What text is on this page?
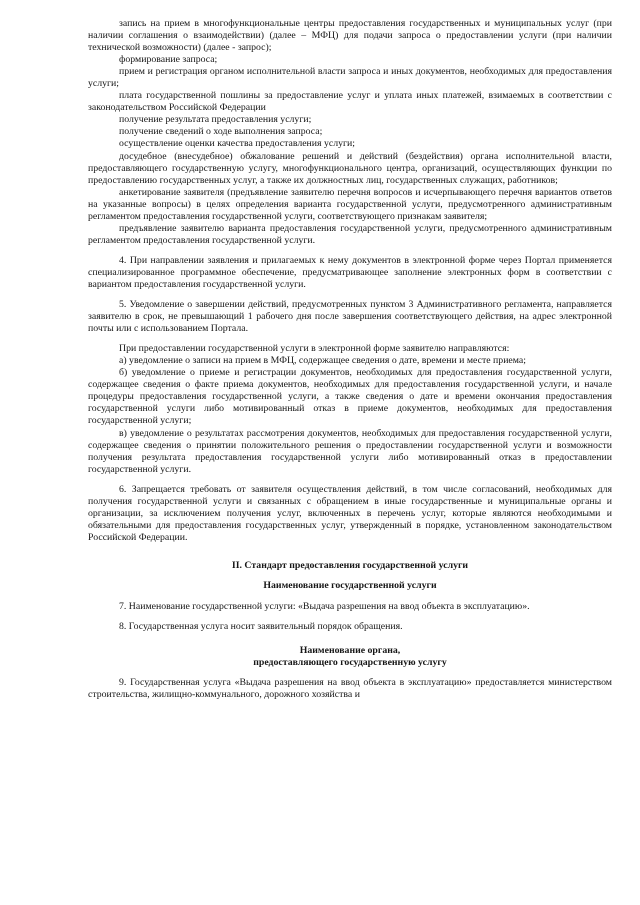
запись на прием в многофункциональные центры предоставления государственных и муниципальных услуг (при наличии соглашения о взаимодействии) (далее – МФЦ) для подачи запроса о предоставлении услуги (при наличии технической возможности) (далее - запрос);

формирование запроса;

прием и регистрация органом исполнительной власти запроса и иных документов, необходимых для предоставления услуги;

плата государственной пошлины за предоставление услуг и уплата иных платежей, взимаемых в соответствии с законодательством Российской Федерации

получение результата предоставления услуги;

получение сведений о ходе выполнения запроса;

осуществление оценки качества предоставления услуги;

досудебное (внесудебное) обжалование решений и действий (бездействия) органа исполнительной власти, предоставляющего государственную услугу, многофункционального центра, организаций, осуществляющих функции по предоставлению государственных услуг, а также их должностных лиц, государственных служащих, работников;

анкетирование заявителя (предъявление заявителю перечня вопросов и исчерпывающего перечня вариантов ответов на указанные вопросы) в целях определения варианта государственной услуги, предусмотренного административным регламентом предоставления государственной услуги, соответствующего признакам заявителя;

предъявление заявителю варианта предоставления государственной услуги, предусмотренного административным регламентом предоставления государственной услуги.

4. При направлении заявления и прилагаемых к нему документов в электронной форме через Портал применяется специализированное программное обеспечение, предусматривающее заполнение электронных форм в соответствии с вариантом предоставления государственной услуги.

5. Уведомление о завершении действий, предусмотренных пунктом 3 Административного регламента, направляется заявителю в срок, не превышающий 1 рабочего дня после завершения соответствующего действия, на адрес электронной почты или с использованием Портала.

При предоставлении государственной услуги в электронной форме заявителю направляются:

а) уведомление о записи на прием в МФЦ, содержащее сведения о дате, времени и месте приема;

б) уведомление о приеме и регистрации документов, необходимых для предоставления государственной услуги, содержащее сведения о факте приема документов, необходимых для предоставления государственной услуги, и начале процедуры предоставления государственной услуги, а также сведения о дате и времени окончания предоставления государственной услуги либо мотивированный отказ в приеме документов, необходимых для предоставления государственной услуги;

в) уведомление о результатах рассмотрения документов, необходимых для предоставления государственной услуги, содержащее сведения о принятии положительного решения о предоставлении государственной услуги и возможности получения результата предоставления государственной услуги либо мотивированный отказ в предоставлении государственной услуги.

6. Запрещается требовать от заявителя осуществления действий, в том числе согласований, необходимых для получения государственной услуги и связанных с обращением в иные государственные и муниципальные органы и организации, за исключением получения услуг, включенных в перечень услуг, которые являются необходимыми и обязательными для предоставления государственных услуг, утвержденный в порядке, установленном законодательством Российской Федерации.

II. Стандарт предоставления государственной услуги

Наименование государственной услуги

7. Наименование государственной услуги: «Выдача разрешения на ввод объекта в эксплуатацию».

8. Государственная услуга носит заявительный порядок обращения.

Наименование органа,
предоставляющего государственную услугу

9. Государственная услуга «Выдача разрешения на ввод объекта в эксплуатацию» предоставляется министерством строительства, жилищно-коммунального, дорожного хозяйства и
